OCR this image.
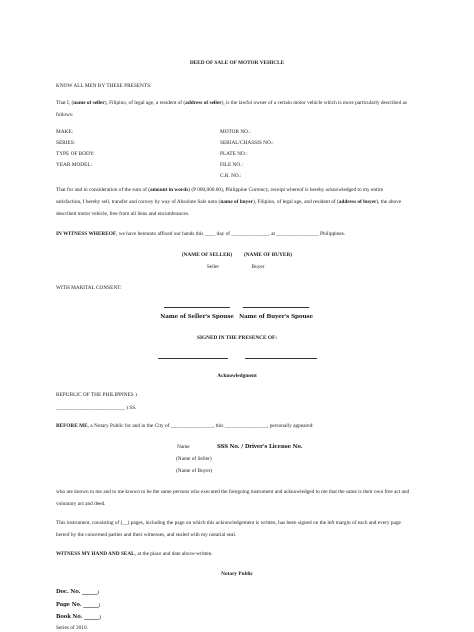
DEED OF SALE OF MOTOR VEHICLE
KNOW ALL MEN BY THESE PRESENTS:
That I, (name of seller), Filipino, of legal age, a resident of (address of seller), is the lawful owner of a certain motor vehicle which is more particularly described as
follows:
MAKE:
SERIES:
TYPE OF BODY:
YEAR MODEL:
MOTOR NO.:
SERIAL/CHASSIS NO.:
PLATE NO.:
FILE NO.:
C.R. NO.:
That for and in consideration of the sum of (amount in words) (P 000,000.00), Philippine Currency, receipt whereof is hereby acknowledged to my entire
satisfaction, I hereby sell, transfer and convey by way of Absolute Sale unto (name of buyer), Filipino, of legal age, and resident of (address of buyer), the above
described motor vehicle, free from all liens and encumbrances.
IN WITNESS WHEREOF, we have hereunto affixed our hands this ____ day of ______________, at ________________ Philippines.
(NAME OF SELLER) (NAME OF BUYER)
Seller	Buyer
WITH MARITAL CONSENT:
Name of Seller's Spouse Name of Buyer's Spouse
SIGNED IN THE PRESENCE OF:
Acknowledgment
REPUBLIC OF THE PHILIPPINES )
__________________________ ) SS.
BEFORE ME, a Notary Public for and in the City of ________________, this ________________, personally appeared:
Name	SSS No. / Driver's License No.
(Name of Seller)
(Name of Buyer)
who are known to me and to me known to be the same persons who executed the foregoing instrument and acknowledged to me that the same is their own free act and
voluntary act and deed.
This instrument, consisting of (__) pages, including the page on which this acknowledgement is written, has been signed on the left margin of each and every page
hereof by the concerned parties and their witnesses, and sealed with my notarial seal.
WITNESS MY HAND AND SEAL, at the place and date above-written.
Notary Public
Doc. No. ______;
Page No. ______;
Book No. ______;
Series of 2010.
